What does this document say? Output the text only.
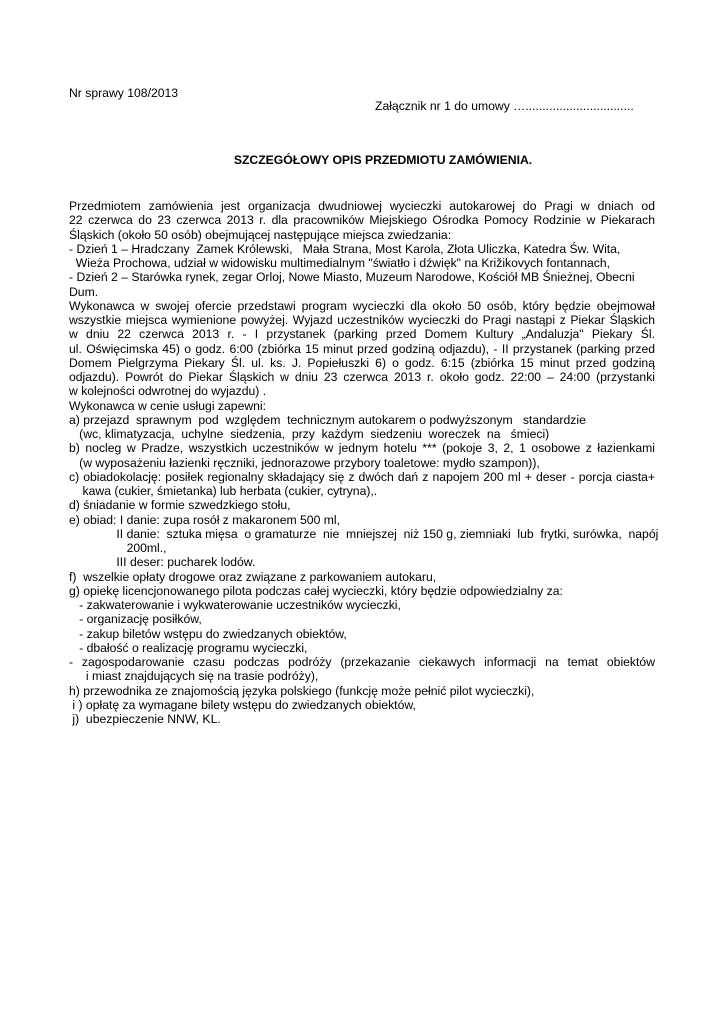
Nr sprawy 108/2013
Załącznik nr 1 do umowy …................................
SZCZEGÓŁOWY OPIS PRZEDMIOTU ZAMÓWIENIA.
Przedmiotem zamówienia jest organizacja dwudniowej wycieczki autokarowej do Pragi w dniach od
22 czerwca do 23 czerwca 2013 r. dla pracowników Miejskiego Ośrodka Pomocy Rodzinie w Piekarach
Śląskich (około 50 osób) obejmującej następujące miejsca zwiedzania:
- Dzień 1 – Hradczany  Zamek Królewski,   Mała Strana, Most Karola, Złota Uliczka, Katedra Św. Wita,
Wieża Prochowa, udział w widowisku multimedialnym "światło i dźwięk" na Križikovych fontannach,
- Dzień 2 – Starówka rynek, zegar Orloj, Nowe Miasto, Muzeum Narodowe, Kościół MB Śnieżnej, Obecni
Dum.
Wykonawca w swojej ofercie przedstawi program wycieczki dla około 50 osób, który będzie obejmował
wszystkie miejsca wymienione powyżej. Wyjazd uczestników wycieczki do Pragi nastąpi z Piekar Śląskich
w dniu 22 czerwca 2013 r. - I przystanek (parking przed Domem Kultury „Andaluzja" Piekary Śl.
ul. Oświęcimska 45) o godz. 6:00 (zbiórka 15 minut przed godziną odjazdu), - II przystanek (parking przed
Domem Pielgrzyma Piekary Śl. ul. ks. J. Popiełuszki 6) o godz. 6:15 (zbiórka 15 minut przed godziną
odjazdu). Powrót do Piekar Śląskich w dniu 23 czerwca 2013 r. około godz. 22:00 – 24:00 (przystanki
w kolejności odwrotnej do wyjazdu) .
Wykonawca w cenie usługi zapewni:
a) przejazd  sprawnym  pod  względem  technicznym autokarem o podwyższonym   standardzie
(wc, klimatyzacja,  uchylne  siedzenia,  przy  każdym  siedzeniu  woreczek  na   śmieci)
b) nocleg w Pradze, wszystkich uczestników w jednym hotelu *** (pokoje 3, 2, 1 osobowe z łazienkami
(w wyposażeniu łazienki ręczniki, jednorazowe przybory toaletowe: mydło szampon)),
c) obiadokolację: posiłek regionalny składający się z dwóch dań z napojem 200 ml + deser - porcja ciasta+
kawa (cukier, śmietanka) lub herbata (cukier, cytryna),.
d) śniadanie w formie szwedzkiego stołu,
e) obiad: I danie: zupa rosół z makaronem 500 ml,
II danie:  sztuka mięsa  o gramaturze  nie  mniejszej  niż 150 g, ziemniaki  lub  frytki, surówka,  napój
200ml.,
III deser: pucharek lodów.
f)  wszelkie opłaty drogowe oraz związane z parkowaniem autokaru,
g) opiekę licencjonowanego pilota podczas całej wycieczki, który będzie odpowiedzialny za:
- zakwaterowanie i wykwaterowanie uczestników wycieczki,
- organizację posiłków,
- zakup biletów wstępu do zwiedzanych obiektów,
- dbałość o realizację programu wycieczki,
- zagospodarowanie czasu podczas podróży (przekazanie ciekawych informacji na temat obiektów
i miast znajdujących się na trasie podróży),
h) przewodnika ze znajomością języka polskiego (funkcję może pełnić pilot wycieczki),
i ) opłatę za wymagane bilety wstępu do zwiedzanych obiektów,
j)  ubezpieczenie NNW, KL.
